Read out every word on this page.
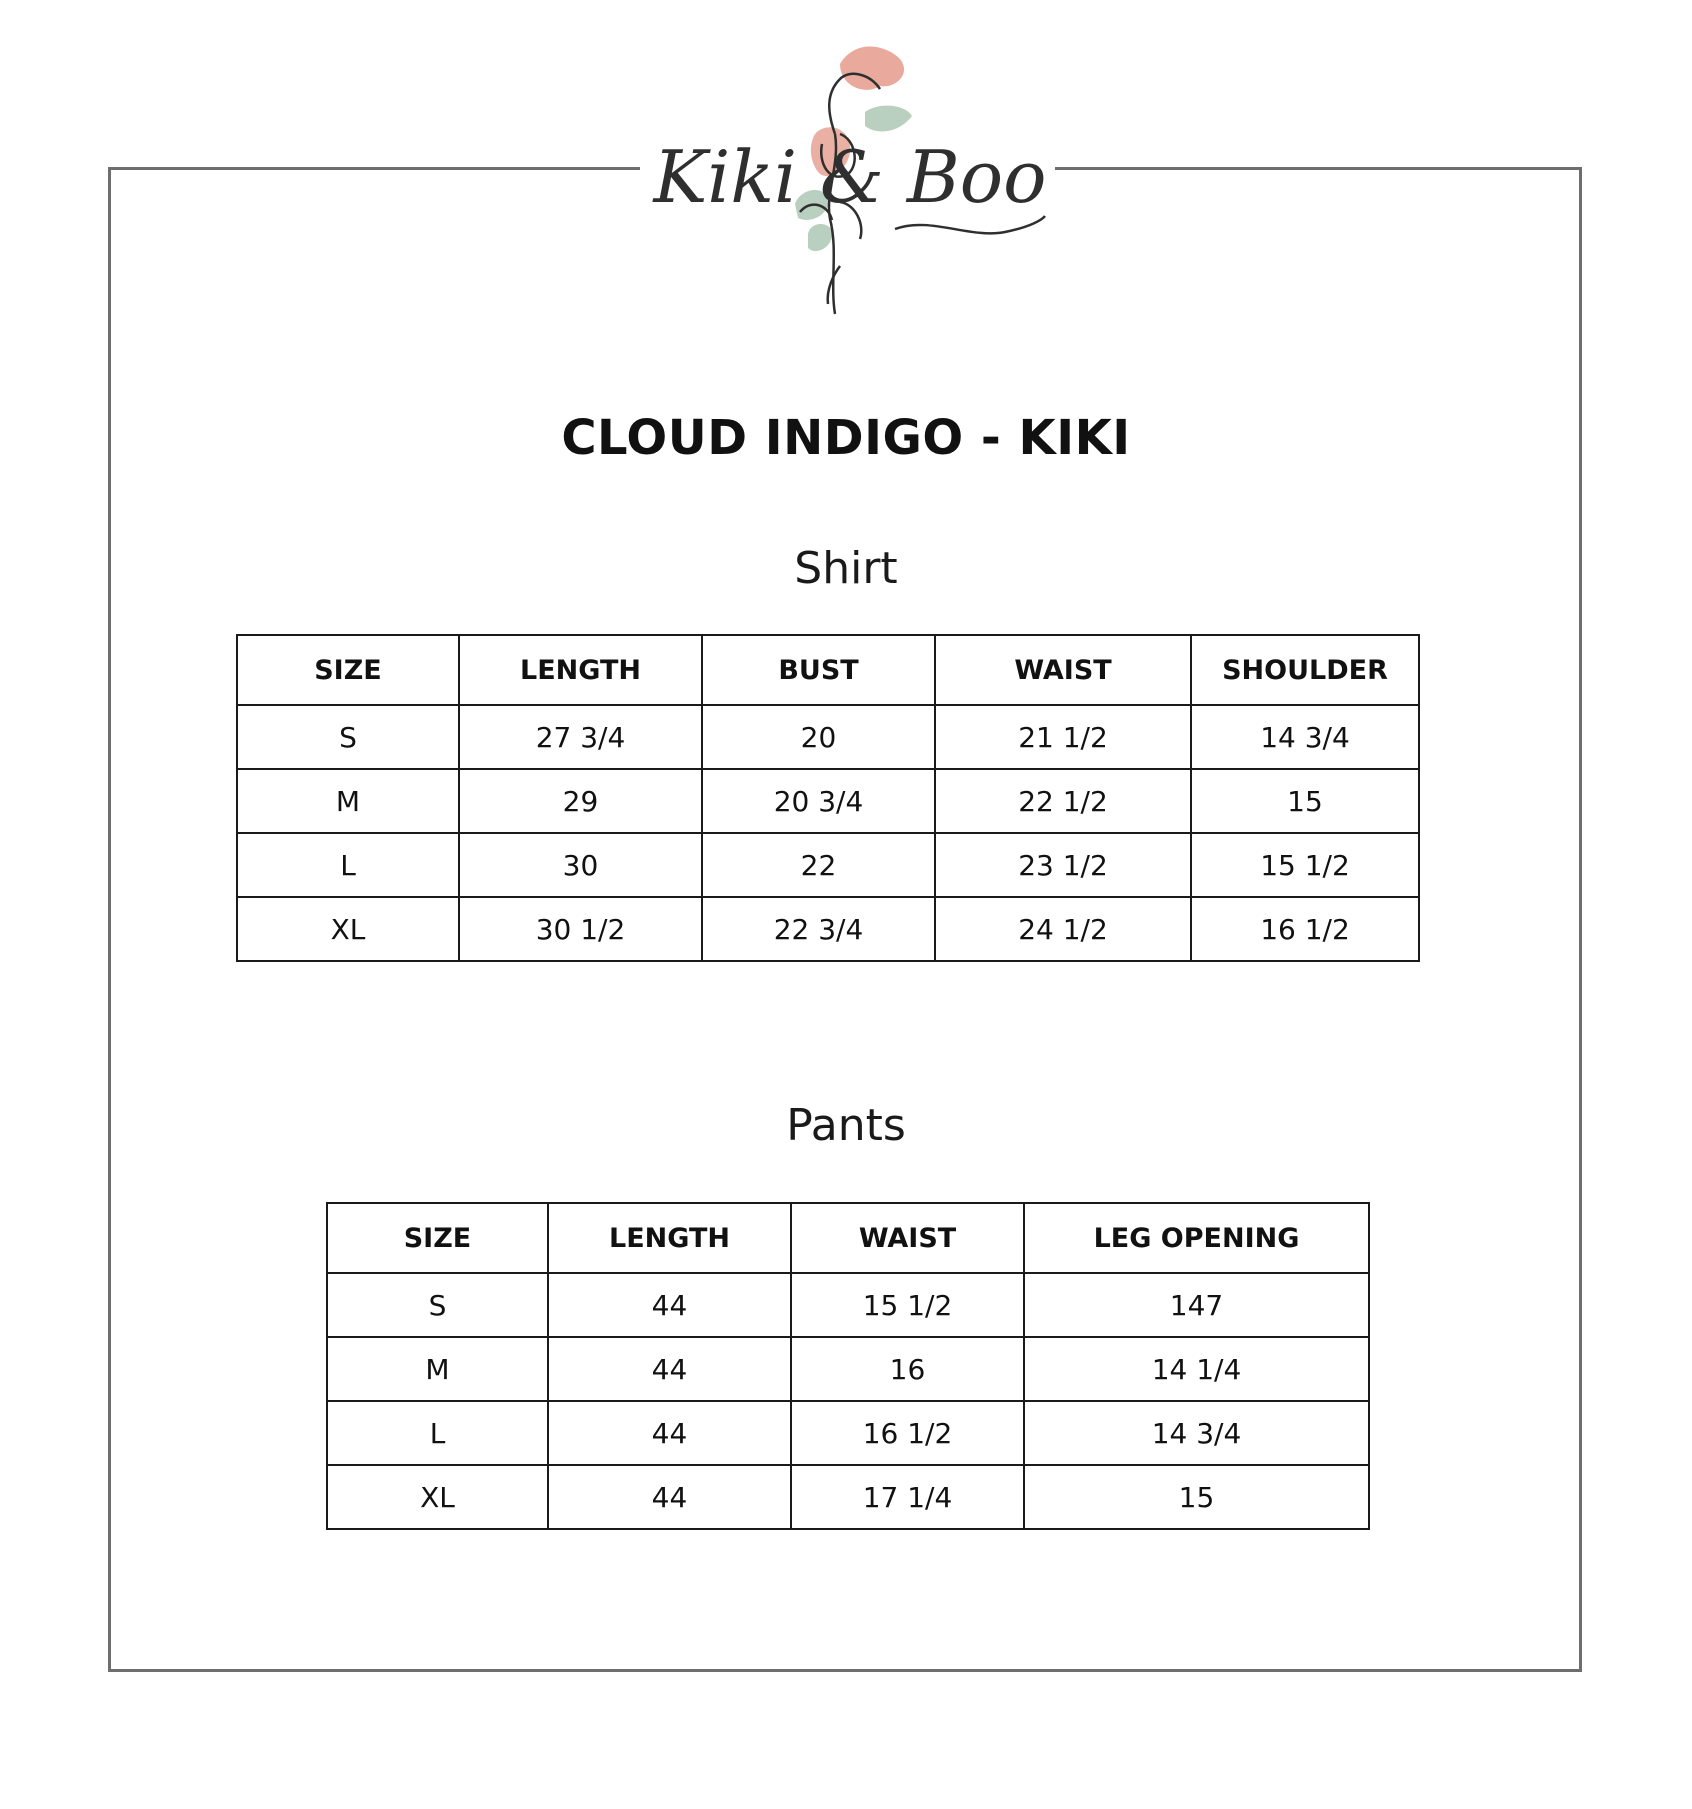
Kiki & Boo
CLOUD INDIGO - KIKI
Shirt
SIZE	LENGTH	BUST	WAIST	SHOULDER
S	27 3/4	20	21 1/2	14 3/4
M	29	20 3/4	22 1/2	15
L	30	22	23 1/2	15 1/2
XL	30 1/2	22 3/4	24 1/2	16 1/2
Pants
SIZE	LENGTH	WAIST	LEG OPENING
S	44	15 1/2	147
M	44	16	14 1/4
L	44	16 1/2	14 3/4
XL	44	17 1/4	15
